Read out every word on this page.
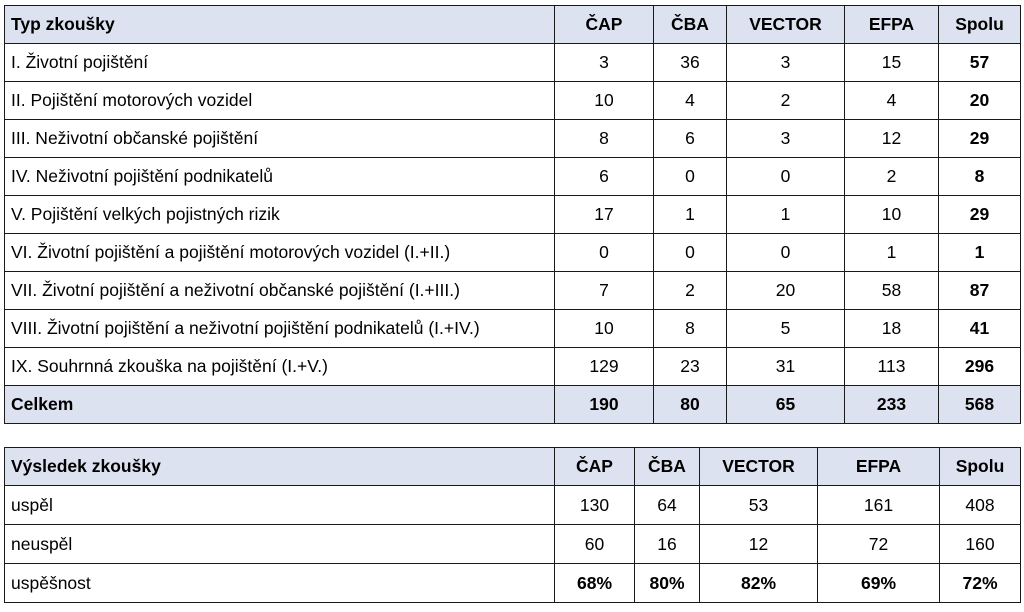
Typ zkoušky	ČAP	ČBA	VECTOR	EFPA	Spolu
I. Životní pojištění	3	36	3	15	57
II. Pojištění motorových vozidel	10	4	2	4	20
III. Neživotní občanské pojištění	8	6	3	12	29
IV. Neživotní pojištění podnikatelů	6	0	0	2	8
V. Pojištění velkých pojistných rizik	17	1	1	10	29
VI. Životní pojištění a pojištění motorových vozidel (I.+II.)	0	0	0	1	1
VII. Životní pojištění a neživotní občanské pojištění (I.+III.)	7	2	20	58	87
VIII. Životní pojištění a neživotní pojištění podnikatelů (I.+IV.)	10	8	5	18	41
IX. Souhrnná zkouška na pojištění (I.+V.)	129	23	31	113	296
Celkem	190	80	65	233	568
Výsledek zkoušky	ČAP	ČBA	VECTOR	EFPA	Spolu
uspěl	130	64	53	161	408
neuspěl	60	16	12	72	160
uspěšnost	68%	80%	82%	69%	72%
